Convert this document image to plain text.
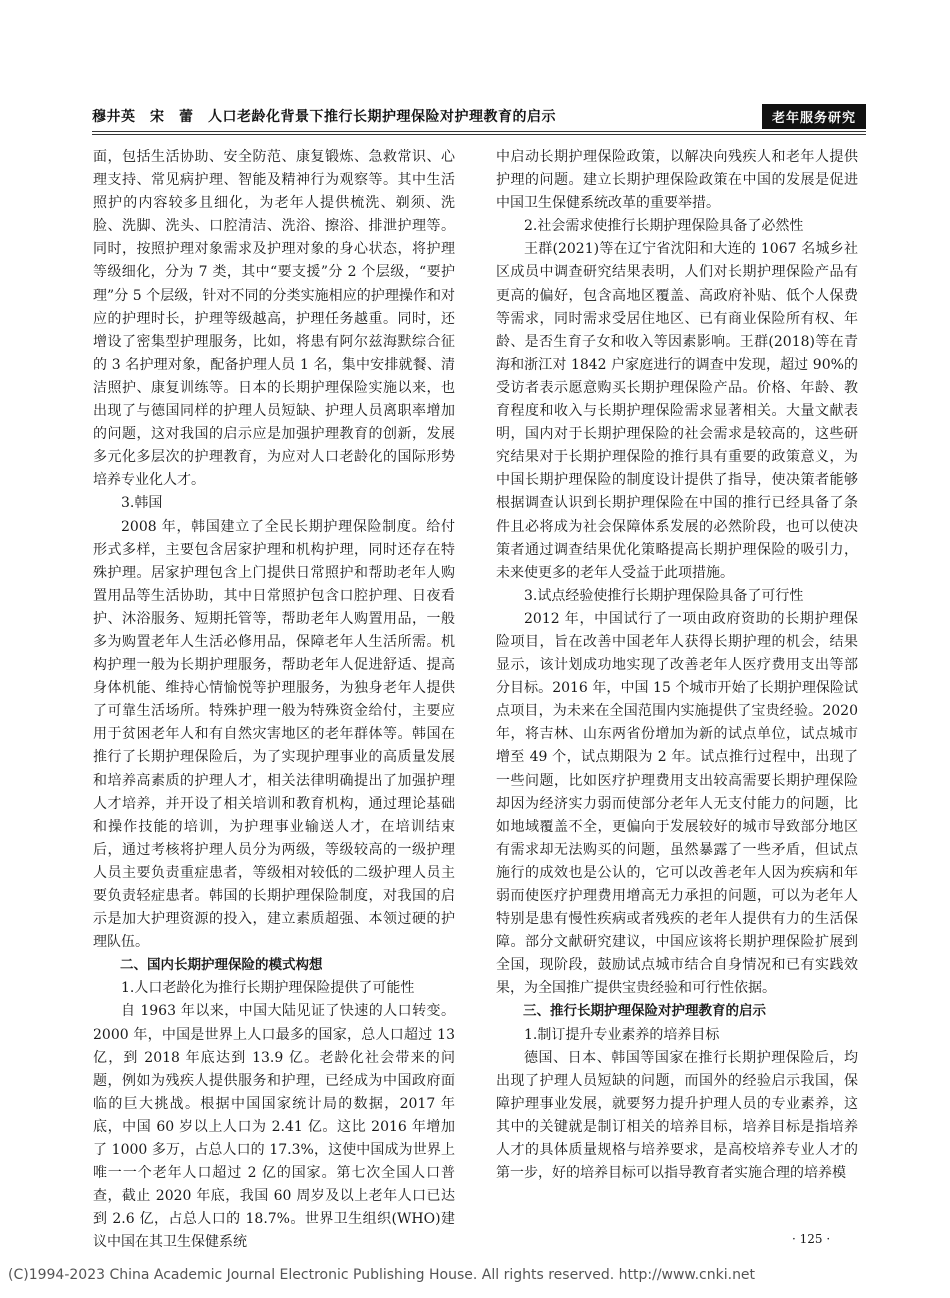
穆井英　宋　蕾　人口老龄化背景下推行长期护理保险对护理教育的启示	老年服务研究

面，包括生活协助、安全防范、康复锻炼、急救常识、心理支持、常见病护理、智能及精神行为观察等。其中生活照护的内容较多且细化，为老年人提供梳洗、剃须、洗脸、洗脚、洗头、口腔清洁、洗浴、擦浴、排泄护理等。同时，按照护理对象需求及护理对象的身心状态，将护理等级细化，分为 7 类，其中“要支援”分 2 个层级，“要护理”分 5 个层级，针对不同的分类实施相应的护理操作和对应的护理时长，护理等级越高，护理任务越重。同时，还增设了密集型护理服务，比如，将患有阿尔兹海默综合征的 3 名护理对象，配备护理人员 1 名，集中安排就餐、清洁照护、康复训练等。日本的长期护理保险实施以来，也出现了与德国同样的护理人员短缺、护理人员离职率增加的问题，这对我国的启示应是加强护理教育的创新，发展多元化多层次的护理教育，为应对人口老龄化的国际形势培养专业化人才。

3.韩国

2008 年，韩国建立了全民长期护理保险制度。给付形式多样，主要包含居家护理和机构护理，同时还存在特殊护理。居家护理包含上门提供日常照护和帮助老年人购置用品等生活协助，其中日常照护包含口腔护理、日夜看护、沐浴服务、短期托管等，帮助老年人购置用品，一般多为购置老年人生活必修用品，保障老年人生活所需。机构护理一般为长期护理服务，帮助老年人促进舒适、提高身体机能、维持心情愉悦等护理服务，为独身老年人提供了可靠生活场所。特殊护理一般为特殊资金给付，主要应用于贫困老年人和有自然灾害地区的老年群体等。韩国在推行了长期护理保险后，为了实现护理事业的高质量发展和培养高素质的护理人才，相关法律明确提出了加强护理人才培养，并开设了相关培训和教育机构，通过理论基础和操作技能的培训，为护理事业输送人才，在培训结束后，通过考核将护理人员分为两级，等级较高的一级护理人员主要负责重症患者，等级相对较低的二级护理人员主要负责轻症患者。韩国的长期护理保险制度，对我国的启示是加大护理资源的投入，建立素质超强、本领过硬的护理队伍。

二、国内长期护理保险的模式构想

1.人口老龄化为推行长期护理保险提供了可能性

自 1963 年以来，中国大陆见证了快速的人口转变。2000 年，中国是世界上人口最多的国家，总人口超过 13 亿，到 2018 年底达到 13.9 亿。老龄化社会带来的问题，例如为残疾人提供服务和护理，已经成为中国政府面临的巨大挑战。根据中国国家统计局的数据，2017 年底，中国 60 岁以上人口为 2.41 亿。这比 2016 年增加了 1000 多万，占总人口的 17.3%，这使中国成为世界上唯一一个老年人口超过 2 亿的国家。第七次全国人口普查，截止 2020 年底，我国 60 周岁及以上老年人口已达到 2.6 亿，占总人口的 18.7%。世界卫生组织(WHO)建议中国在其卫生保健系统

中启动长期护理保险政策，以解决向残疾人和老年人提供护理的问题。建立长期护理保险政策在中国的发展是促进中国卫生保健系统改革的重要举措。

2.社会需求使推行长期护理保险具备了必然性

王群(2021)等在辽宁省沈阳和大连的 1067 名城乡社区成员中调查研究结果表明，人们对长期护理保险产品有更高的偏好，包含高地区覆盖、高政府补贴、低个人保费等需求，同时需求受居住地区、已有商业保险所有权、年龄、是否生育子女和收入等因素影响。王群(2018)等在青海和浙江对 1842 户家庭进行的调查中发现，超过 90%的受访者表示愿意购买长期护理保险产品。价格、年龄、教育程度和收入与长期护理保险需求显著相关。大量文献表明，国内对于长期护理保险的社会需求是较高的，这些研究结果对于长期护理保险的推行具有重要的政策意义，为中国长期护理保险的制度设计提供了指导，使决策者能够根据调查认识到长期护理保险在中国的推行已经具备了条件且必将成为社会保障体系发展的必然阶段，也可以使决策者通过调查结果优化策略提高长期护理保险的吸引力，未来使更多的老年人受益于此项措施。

3.试点经验使推行长期护理保险具备了可行性

2012 年，中国试行了一项由政府资助的长期护理保险项目，旨在改善中国老年人获得长期护理的机会，结果显示，该计划成功地实现了改善老年人医疗费用支出等部分目标。2016 年，中国 15 个城市开始了长期护理保险试点项目，为未来在全国范围内实施提供了宝贵经验。2020 年，将吉林、山东两省份增加为新的试点单位，试点城市增至 49 个，试点期限为 2 年。试点推行过程中，出现了一些问题，比如医疗护理费用支出较高需要长期护理保险却因为经济实力弱而使部分老年人无支付能力的问题，比如地域覆盖不全，更偏向于发展较好的城市导致部分地区有需求却无法购买的问题，虽然暴露了一些矛盾，但试点施行的成效也是公认的，它可以改善老年人因为疾病和年弱而使医疗护理费用增高无力承担的问题，可以为老年人特别是患有慢性疾病或者残疾的老年人提供有力的生活保障。部分文献研究建议，中国应该将长期护理保险扩展到全国，现阶段，鼓励试点城市结合自身情况和已有实践效果，为全国推广提供宝贵经验和可行性依据。

三、推行长期护理保险对护理教育的启示

1.制订提升专业素养的培养目标

德国、日本、韩国等国家在推行长期护理保险后，均出现了护理人员短缺的问题，而国外的经验启示我国，保障护理事业发展，就要努力提升护理人员的专业素养，这其中的关键就是制订相关的培养目标，培养目标是指培养人才的具体质量规格与培养要求，是高校培养专业人才的第一步，好的培养目标可以指导教育者实施合理的培养模

· 125 ·
(C)1994-2023 China Academic Journal Electronic Publishing House. All rights reserved. http://www.cnki.net
